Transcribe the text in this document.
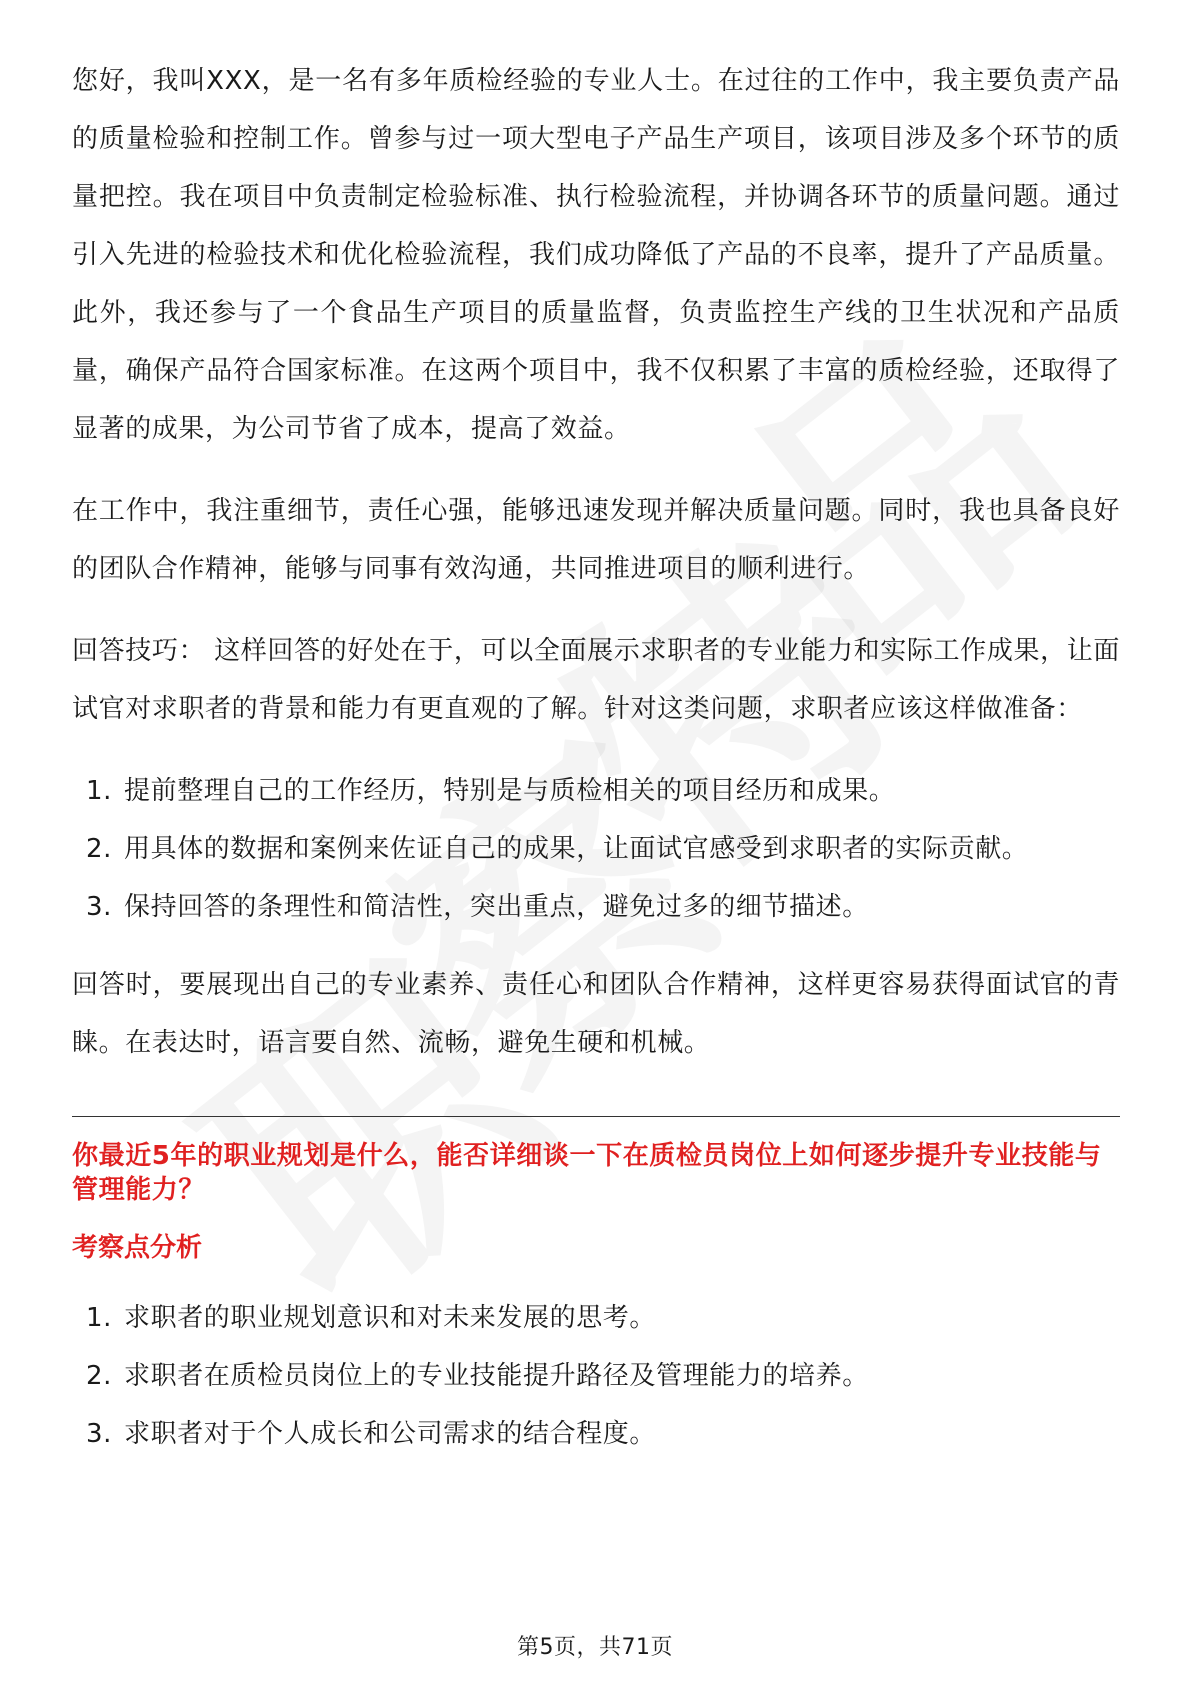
您好，我叫XXX，是一名有多年质检经验的专业人士。在过往的工作中，我主要负责产品的质量检验和控制工作。曾参与过一项大型电子产品生产项目，该项目涉及多个环节的质量把控。我在项目中负责制定检验标准、执行检验流程，并协调各环节的质量问题。通过引入先进的检验技术和优化检验流程，我们成功降低了产品的不良率，提升了产品质量。此外，我还参与了一个食品生产项目的质量监督，负责监控生产线的卫生状况和产品质量，确保产品符合国家标准。在这两个项目中，我不仅积累了丰富的质检经验，还取得了显著的成果，为公司节省了成本，提高了效益。

在工作中，我注重细节，责任心强，能够迅速发现并解决质量问题。同时，我也具备良好的团队合作精神，能够与同事有效沟通，共同推进项目的顺利进行。

回答技巧： 这样回答的好处在于，可以全面展示求职者的专业能力和实际工作成果，让面试官对求职者的背景和能力有更直观的了解。针对这类问题，求职者应该这样做准备：

1. 提前整理自己的工作经历，特别是与质检相关的项目经历和成果。
2. 用具体的数据和案例来佐证自己的成果，让面试官感受到求职者的实际贡献。
3. 保持回答的条理性和简洁性，突出重点，避免过多的细节描述。

回答时，要展现出自己的专业素养、责任心和团队合作精神，这样更容易获得面试官的青睐。在表达时，语言要自然、流畅，避免生硬和机械。

你最近5年的职业规划是什么，能否详细谈一下在质检员岗位上如何逐步提升专业技能与管理能力？
考察点分析
1. 求职者的职业规划意识和对未来发展的思考。
2. 求职者在质检员岗位上的专业技能提升路径及管理能力的培养。
3. 求职者对于个人成长和公司需求的结合程度。
第5页，共71页
